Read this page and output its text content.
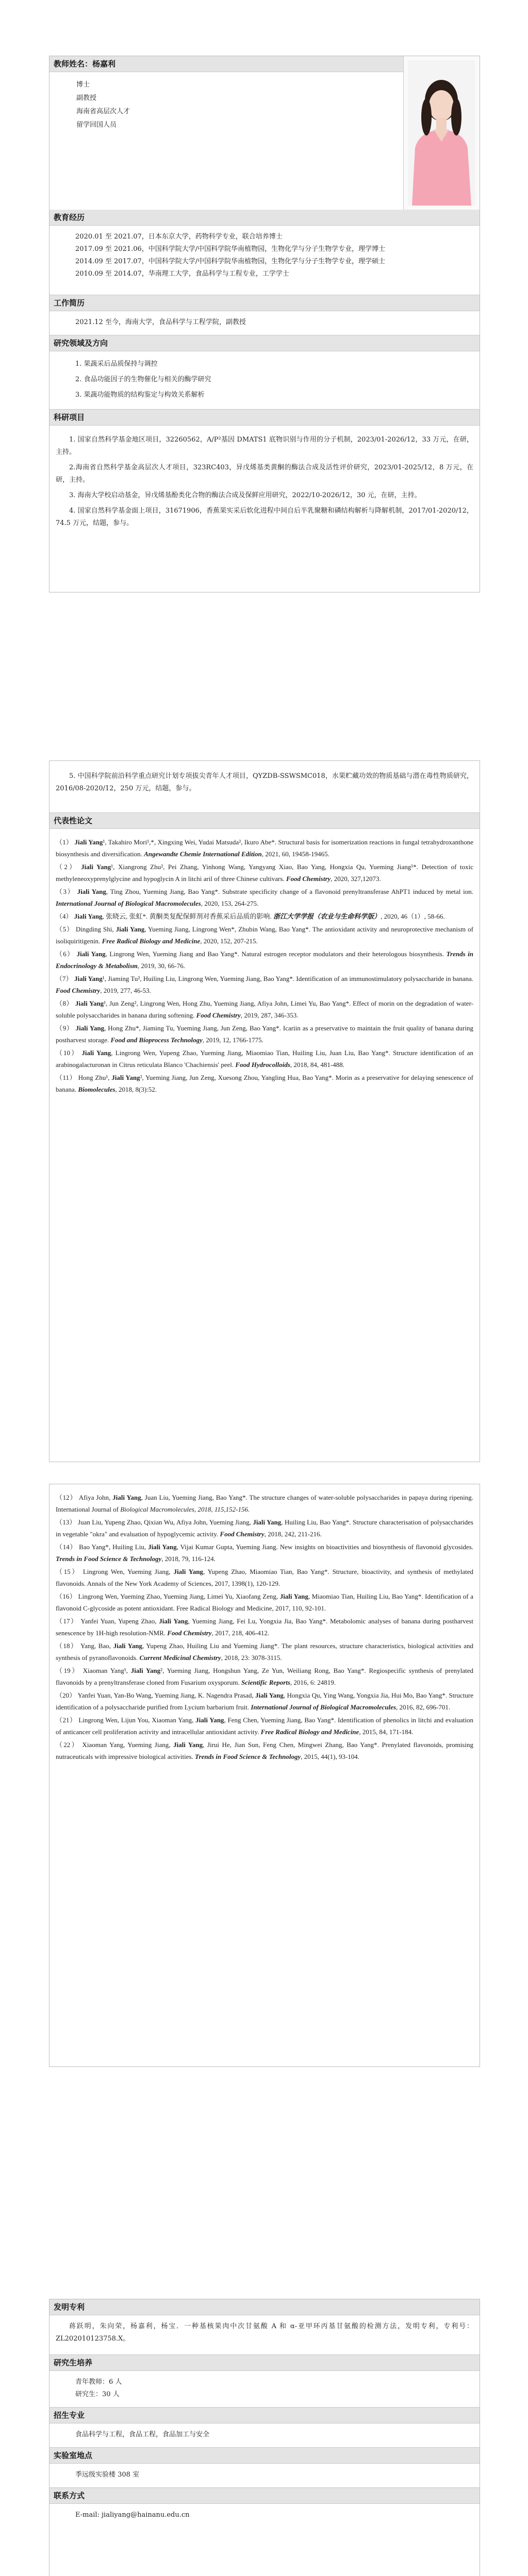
教师姓名：杨嘉利
博士
副教授
海南省高层次人才
留学回国人员
教育经历
2020.01 至 2021.07，日本东京大学，药物科学专业，联合培养博士
2017.09 至 2021.06，中国科学院大学/中国科学院华南植物园，生物化学与分子生物学专业，理学博士
2014.09 至 2017.07，中国科学院大学/中国科学院华南植物园，生物化学与分子生物学专业，理学硕士
2010.09 至 2014.07，华南理工大学，食品科学与工程专业，工学学士
工作简历
2021.12 至今，海南大学，食品科学与工程学院，副教授
研究领域及方向
1. 果蔬采后品质保持与调控
2. 食品功能因子的生物催化与相关的酶学研究
3. 果蔬功能物质的结构鉴定与构效关系解析
科研项目

1. 国家自然科学基金地区项目，32260562，A/P²基因 DMATS1 底物识别与作用的分子机制，2023/01-2026/12，33 万元，在研，主持。

2.海南省自然科学基金高层次人才项目，323RC403，异戊烯基类黄酮的酶法合成及活性评价研究，2023/01-2025/12，8 万元，在研，主持。

3. 海南大学校启动基金，异戊烯基酚类化合物的酶法合成及保鲜应用研究，2022/10-2026/12，30 元，在研，主持。

4. 国家自然科学基金面上项目，31671906，香蕉果实采后软化进程中间自后半乳聚糖和磷结构解析与降解机制，2017/01-2020/12，74.5 万元，结题，参与。

5. 中国科学院前沿科学重点研究计划专项拔尖青年人才项目，QYZDB-SSWSMC018，水果贮藏功效的物质基础与潜在毒性物质研究，2016/08-2020/12，250 万元，结题，参与。

代表性论文
（1） Jiali Yang¹, Takahiro Mori¹,*, Xingxing Wei, Yudai Matsuda², Ikuro Abe*. Structural basis for isomerization reactions in fungal tetrahydroxanthone biosynthesis and diversification. Angewandte Chemie International Edition, 2021, 60, 19458-19465.
（2） Jiali Yang¹, Xiangrong Zhu², Pei Zhang, Yinhong Wang, Yangyang Xiao, Bao Yang, Hongxia Qu, Yueming Jiang¹*. Detection of toxic methyleneoxyprenylglycine and hypoglycin A in litchi aril of three Chinese cultivars. Food Chemistry, 2020, 327,12073.
（3） Jiali Yang, Ting Zhou, Yueming Jiang, Bao Yang*. Substrate specificity change of a flavonoid prenyltransferase AhPT1 induced by metal ion. International Journal of Biological Macromolecules, 2020, 153, 264-275.
（4） Jiali Yang, 张晓云, 张虹*. 黄酮类复配保鲜剂对香蕉采后品质的影响. 浙江大学学报（农业与生命科学版）, 2020, 46（1）, 58-66.
（5） Dingding Shi, Jiali Yang, Yueming Jiang, Lingrong Wen*, Zhubin Wang, Bao Yang*. The antioxidant activity and neuroprotective mechanism of isoliquiritigenin. Free Radical Biology and Medicine, 2020, 152, 207-215.
（6） Jiali Yang, Lingrong Wen, Yueming Jiang and Bao Yang*. Natural estrogen receptor modulators and their heterologous biosynthesis. Trends in Endocrinology & Metabolism, 2019, 30, 66-76.
（7） Jiali Yang¹, Jiaming Tu², Huiling Liu, Lingrong Wen, Yueming Jiang, Bao Yang*. Identification of an immunostimulatory polysaccharide in banana. Food Chemistry, 2019, 277, 46-53.
（8） Jiali Yang¹, Jun Zeng², Lingrong Wen, Hong Zhu, Yueming Jiang, Afiya John, Limei Yu, Bao Yang*. Effect of morin on the degradation of water-soluble polysaccharides in banana during softening. Food Chemistry, 2019, 287, 346-353.
（9） Jiali Yang, Hong Zhu*, Jiaming Tu, Yueming Jiang, Jun Zeng, Bao Yang*. Icariin as a preservative to maintain the fruit quality of banana during postharvest storage. Food and Bioprocess Technology, 2019, 12, 1766-1775.
（10） Jiali Yang, Lingrong Wen, Yupeng Zhao, Yueming Jiang, Miaomiao Tian, Huiling Liu, Juan Liu, Bao Yang*. Structure identification of an arabinogalacturonan in Citrus reticulata Blanco 'Chachiensis' peel. Food Hydrocolloids, 2018, 84, 481-488.
（11） Hong Zhu¹, Jiali Yang², Yueming Jiang, Jun Zeng, Xuesong Zhou, Yangling Hua, Bao Yang*. Morin as a preservative for delaying senescence of banana. Biomolecules, 2018, 8(3):52.
（12） Afiya John, Jiali Yang, Juan Liu, Yueming Jiang, Bao Yang*. The structure changes of water-soluble polysaccharides in papaya during ripening. International Journal of Biological Macromolecules, 2018, 115,152-156.
（13） Juan Liu, Yupeng Zhao, Qixian Wu, Afiya John, Yueming Jiang, Jiali Yang, Huiling Liu, Bao Yang*. Structure characterisation of polysaccharides in vegetable "okra" and evaluation of hypoglycemic activity. Food Chemistry, 2018, 242, 211-216.
（14） Bao Yang*, Huiling Liu, Jiali Yang, Vijai Kumar Gupta, Yueming Jiang. New insights on bioactivities and biosynthesis of flavonoid glycosides. Trends in Food Science & Technology, 2018, 79, 116-124.
（15） Lingrong Wen, Yueming Jiang, Jiali Yang, Yupeng Zhao, Miaomiao Tian, Bao Yang*. Structure, bioactivity, and synthesis of methylated flavonoids. Annals of the New York Academy of Sciences, 2017, 1398(1), 120-129.
（16） Lingrong Wen, Yueming Zhao, Yueming Jiang, Limei Yu, Xiaofang Zeng, Jiali Yang, Miaomiao Tian, Huiling Liu, Bao Yang*. Identification of a flavonoid C-glycoside as potent antioxidant. Free Radical Biology and Medicine, 2017, 110, 92-101.
（17） Yanfei Yuan, Yupeng Zhao, Jiali Yang, Yueming Jiang, Fei Lu, Yongxia Jia, Bao Yang*. Metabolomic analyses of banana during postharvest senescence by 1H-high resolution-NMR. Food Chemistry, 2017, 218, 406-412.
（18） Yang, Bao, Jiali Yang, Yupeng Zhao, Huiling Liu and Yueming Jiang*. The plant resources, structure characteristics, biological activities and synthesis of pyranoflavonoids. Current Medicinal Chemistry, 2018, 23: 3078-3115.
（19） Xiaoman Yang¹, Jiali Yang², Yueming Jiang, Hongshun Yang, Ze Yun, Weiliang Rong, Bao Yang*. Regiospecific synthesis of prenylated flavonoids by a prenyltransferase cloned from Fusarium oxysporum. Scientific Reports, 2016, 6: 24819.
（20） Yanfei Yuan, Yan-Bo Wang, Yueming Jiang, K. Nagendra Prasad, Jiali Yang, Hongxia Qu, Ying Wang, Yongxia Jia, Hui Mo, Bao Yang*. Structure identification of a polysaccharide purified from Lycium barbarium fruit. International Journal of Biological Macromolecules, 2016, 82, 696-701.
（21） Lingrong Wen, Lijun You, Xiaoman Yang, Jiali Yang, Feng Chen, Yueming Jiang, Bao Yang*. Identification of phenolics in litchi and evaluation of anticancer cell proliferation activity and intracellular antioxidant activity. Free Radical Biology and Medicine, 2015, 84, 171-184.
（22） Xiaoman Yang, Yueming Jiang, Jiali Yang, Jirui He, Jian Sun, Feng Chen, Mingwei Zhang, Bao Yang*. Prenylated flavonoids, promising nutraceuticals with impressive biological activities. Trends in Food Science & Technology, 2015, 44(1), 93-104.
发明专利

蒋跃明，朱向荣，杨嘉利，杨宝．一种基核果肉中次甘氨酸 A 和 α-亚甲环丙基甘氨酸的检测方法，发明专利，专利号：ZL202010123758.X。

研究生培养
青年教师：6 人
研究生：30 人
招生专业
食品科学与工程，食品工程，食品加工与安全
实验室地点
季远级实验楼 308 室
联系方式
E-mail: jialiyang@hainanu.edu.cn
